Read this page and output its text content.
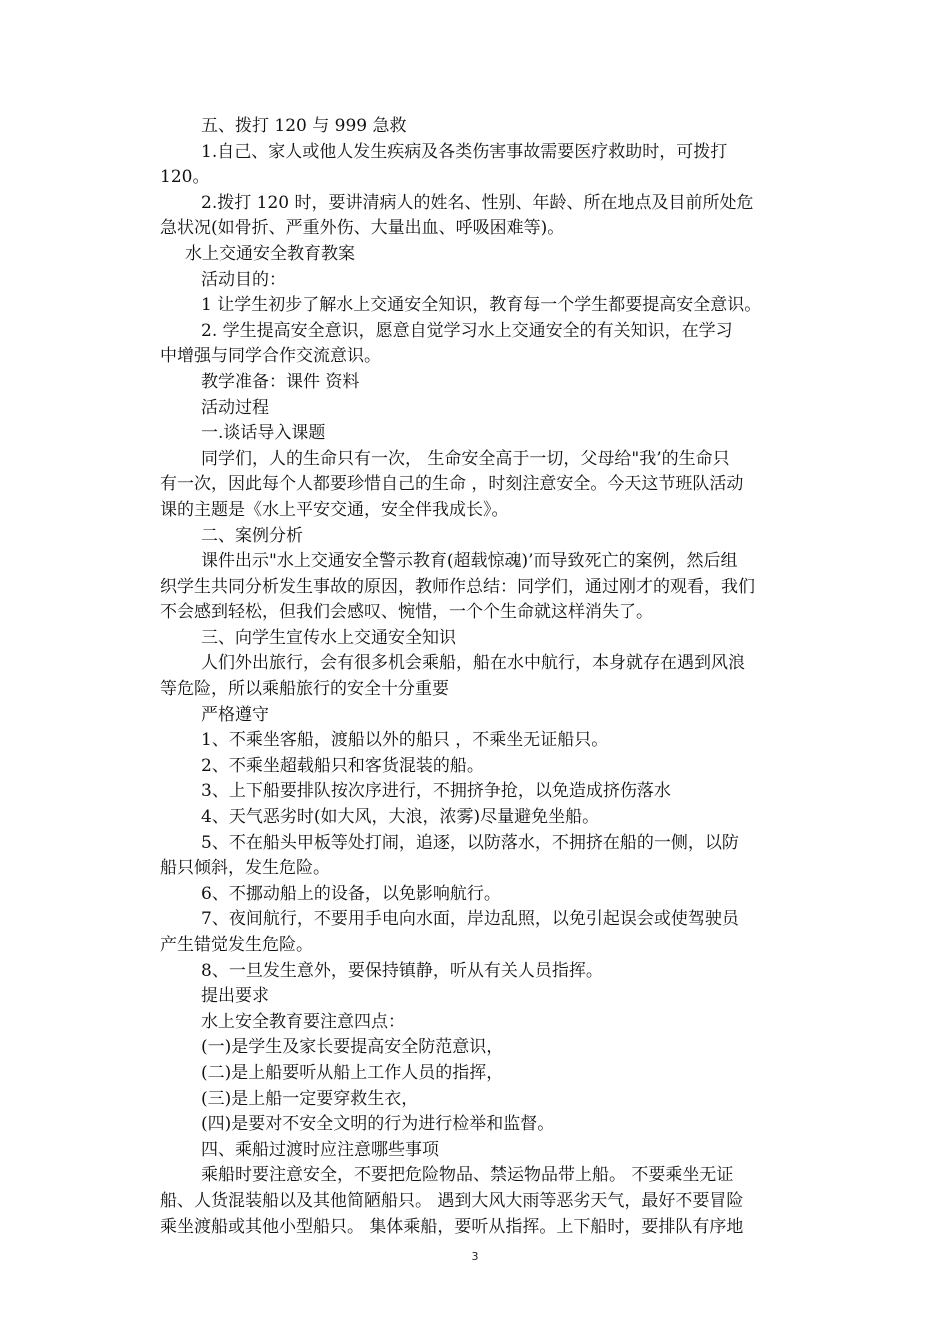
五、拨打 120 与 999 急救
1.自己、家人或他人发生疾病及各类伤害事故需要医疗救助时，可拨打
120。
2.拨打 120 时，要讲清病人的姓名、性别、年龄、所在地点及目前所处危
急状况(如骨折、严重外伤、大量出血、呼吸困难等)。
水上交通安全教育教案
活动目的：
1 让学生初步了解水上交通安全知识，教育每一个学生都要提高安全意识。
2. 学生提高安全意识，愿意自觉学习水上交通安全的有关知识，在学习
中增强与同学合作交流意识。
教学准备：课件 资料
活动过程
一.谈话导入课题
同学们，人的生命只有一次， 生命安全高于一切，父母给"我’的生命只
有一次，因此每个人都要珍惜自己的生命 ，时刻注意安全。今天这节班队活动
课的主题是《水上平安交通，安全伴我成长》。
二、案例分析
课件出示"水上交通安全警示教育(超载惊魂)’而导致死亡的案例，然后组
织学生共同分析发生事故的原因，教师作总结：同学们，通过刚才的观看，我们
不会感到轻松，但我们会感叹、惋惜，一个个生命就这样消失了。
三、向学生宣传水上交通安全知识
人们外出旅行，会有很多机会乘船，船在水中航行，本身就存在遇到风浪
等危险，所以乘船旅行的安全十分重要
严格遵守
1、不乘坐客船，渡船以外的船只 ，不乘坐无证船只。
2、不乘坐超载船只和客货混装的船。
3、上下船要排队按次序进行，不拥挤争抢，以免造成挤伤落水
4、天气恶劣时(如大风，大浪，浓雾)尽量避免坐船。
5、不在船头甲板等处打闹，追逐，以防落水，不拥挤在船的一侧，以防
船只倾斜，发生危险。
6、不挪动船上的设备，以免影响航行。
7、夜间航行，不要用手电向水面，岸边乱照，以免引起误会或使驾驶员
产生错觉发生危险。
8、一旦发生意外，要保持镇静，听从有关人员指挥。
提出要求
水上安全教育要注意四点：
(一)是学生及家长要提高安全防范意识，
(二)是上船要听从船上工作人员的指挥，
(三)是上船一定要穿救生衣，
(四)是要对不安全文明的行为进行检举和监督。
四、乘船过渡时应注意哪些事项
乘船时要注意安全，不要把危险物品、禁运物品带上船。 不要乘坐无证
船、人货混装船以及其他简陋船只。 遇到大风大雨等恶劣天气，最好不要冒险
乘坐渡船或其他小型船只。 集体乘船，要听从指挥。上下船时，要排队有序地
3
